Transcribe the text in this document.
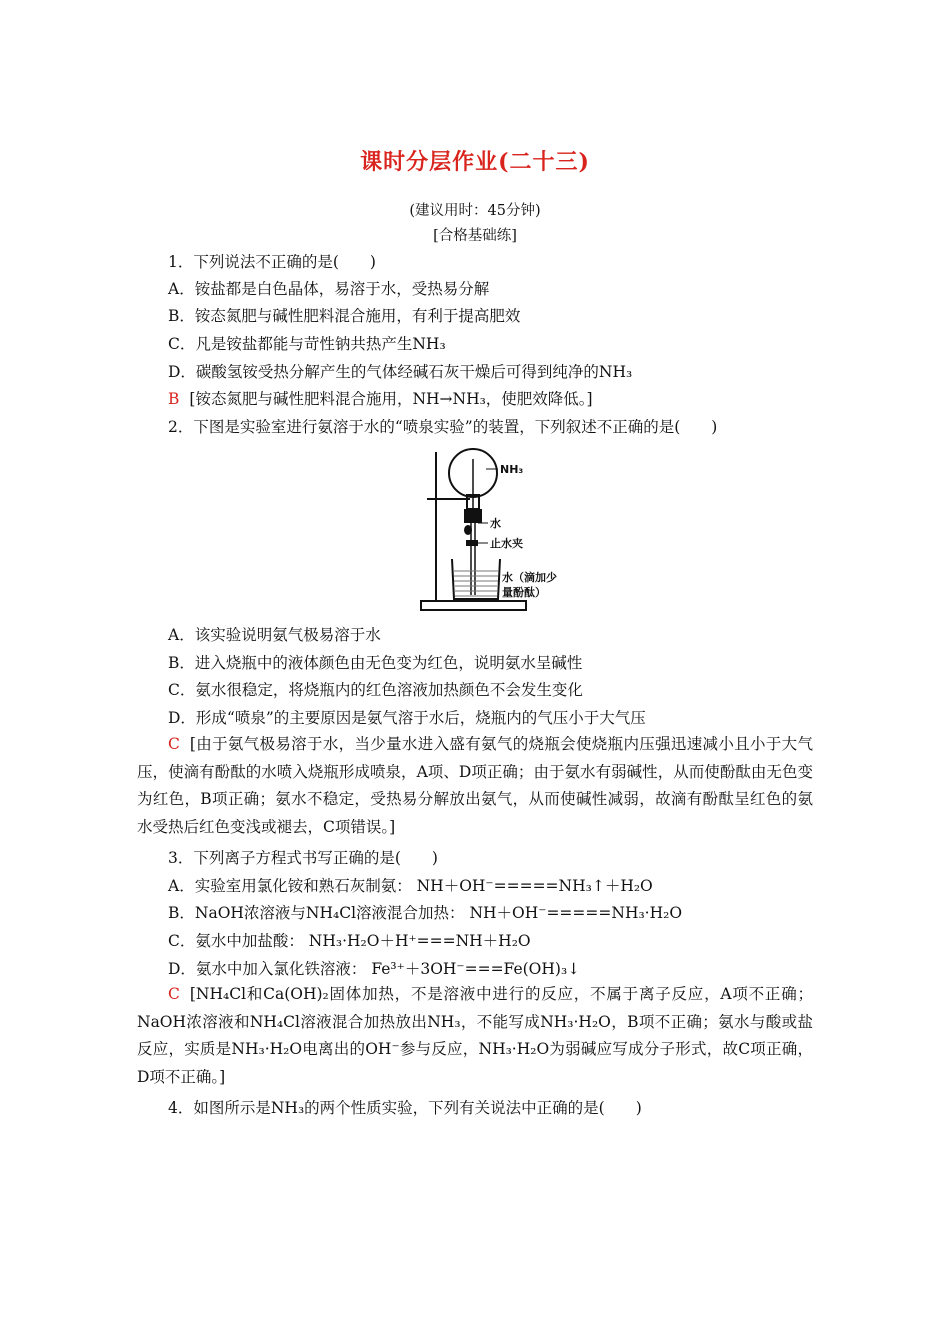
课时分层作业(二十三)
(建议用时：45分钟)
[合格基础练]
1．下列说法不正确的是(　　)
A．铵盐都是白色晶体，易溶于水，受热易分解
B．铵态氮肥与碱性肥料混合施用，有利于提高肥效
C．凡是铵盐都能与苛性钠共热产生NH₃
D．碳酸氢铵受热分解产生的气体经碱石灰干燥后可得到纯净的NH₃
B [铵态氮肥与碱性肥料混合施用，NH→NH₃，使肥效降低。]
2．下图是实验室进行氨溶于水的“喷泉实验”的装置，下列叙述不正确的是(　　)
NH₃
水
止水夹
水（滴加少
量酚酞）
A．该实验说明氨气极易溶于水
B．进入烧瓶中的液体颜色由无色变为红色，说明氨水呈碱性
C．氨水很稳定，将烧瓶内的红色溶液加热颜色不会发生变化
D．形成“喷泉”的主要原因是氨气溶于水后，烧瓶内的气压小于大气压
C [由于氨气极易溶于水，当少量水进入盛有氨气的烧瓶会使烧瓶内压强迅速减小且小于大气压，使滴有酚酞的水喷入烧瓶形成喷泉，A项、D项正确；由于氨水有弱碱性，从而使酚酞由无色变为红色，B项正确；氨水不稳定，受热易分解放出氨气，从而使碱性减弱，故滴有酚酞呈红色的氨水受热后红色变浅或褪去，C项错误。]
3．下列离子方程式书写正确的是(　　)
A．实验室用氯化铵和熟石灰制氨： NH＋OH⁻=====NH₃↑＋H₂O
B．NaOH浓溶液与NH₄Cl溶液混合加热： NH＋OH⁻=====NH₃·H₂O
C．氨水中加盐酸： NH₃·H₂O＋H⁺===NH＋H₂O
D．氨水中加入氯化铁溶液： Fe³⁺＋3OH⁻===Fe(OH)₃↓
C [NH₄Cl和Ca(OH)₂固体加热，不是溶液中进行的反应，不属于离子反应，A项不正确；NaOH浓溶液和NH₄Cl溶液混合加热放出NH₃，不能写成NH₃·H₂O，B项不正确；氨水与酸或盐反应，实质是NH₃·H₂O电离出的OH⁻参与反应，NH₃·H₂O为弱碱应写成分子形式，故C项正确，D项不正确。]
4．如图所示是NH₃的两个性质实验，下列有关说法中正确的是(　　)
